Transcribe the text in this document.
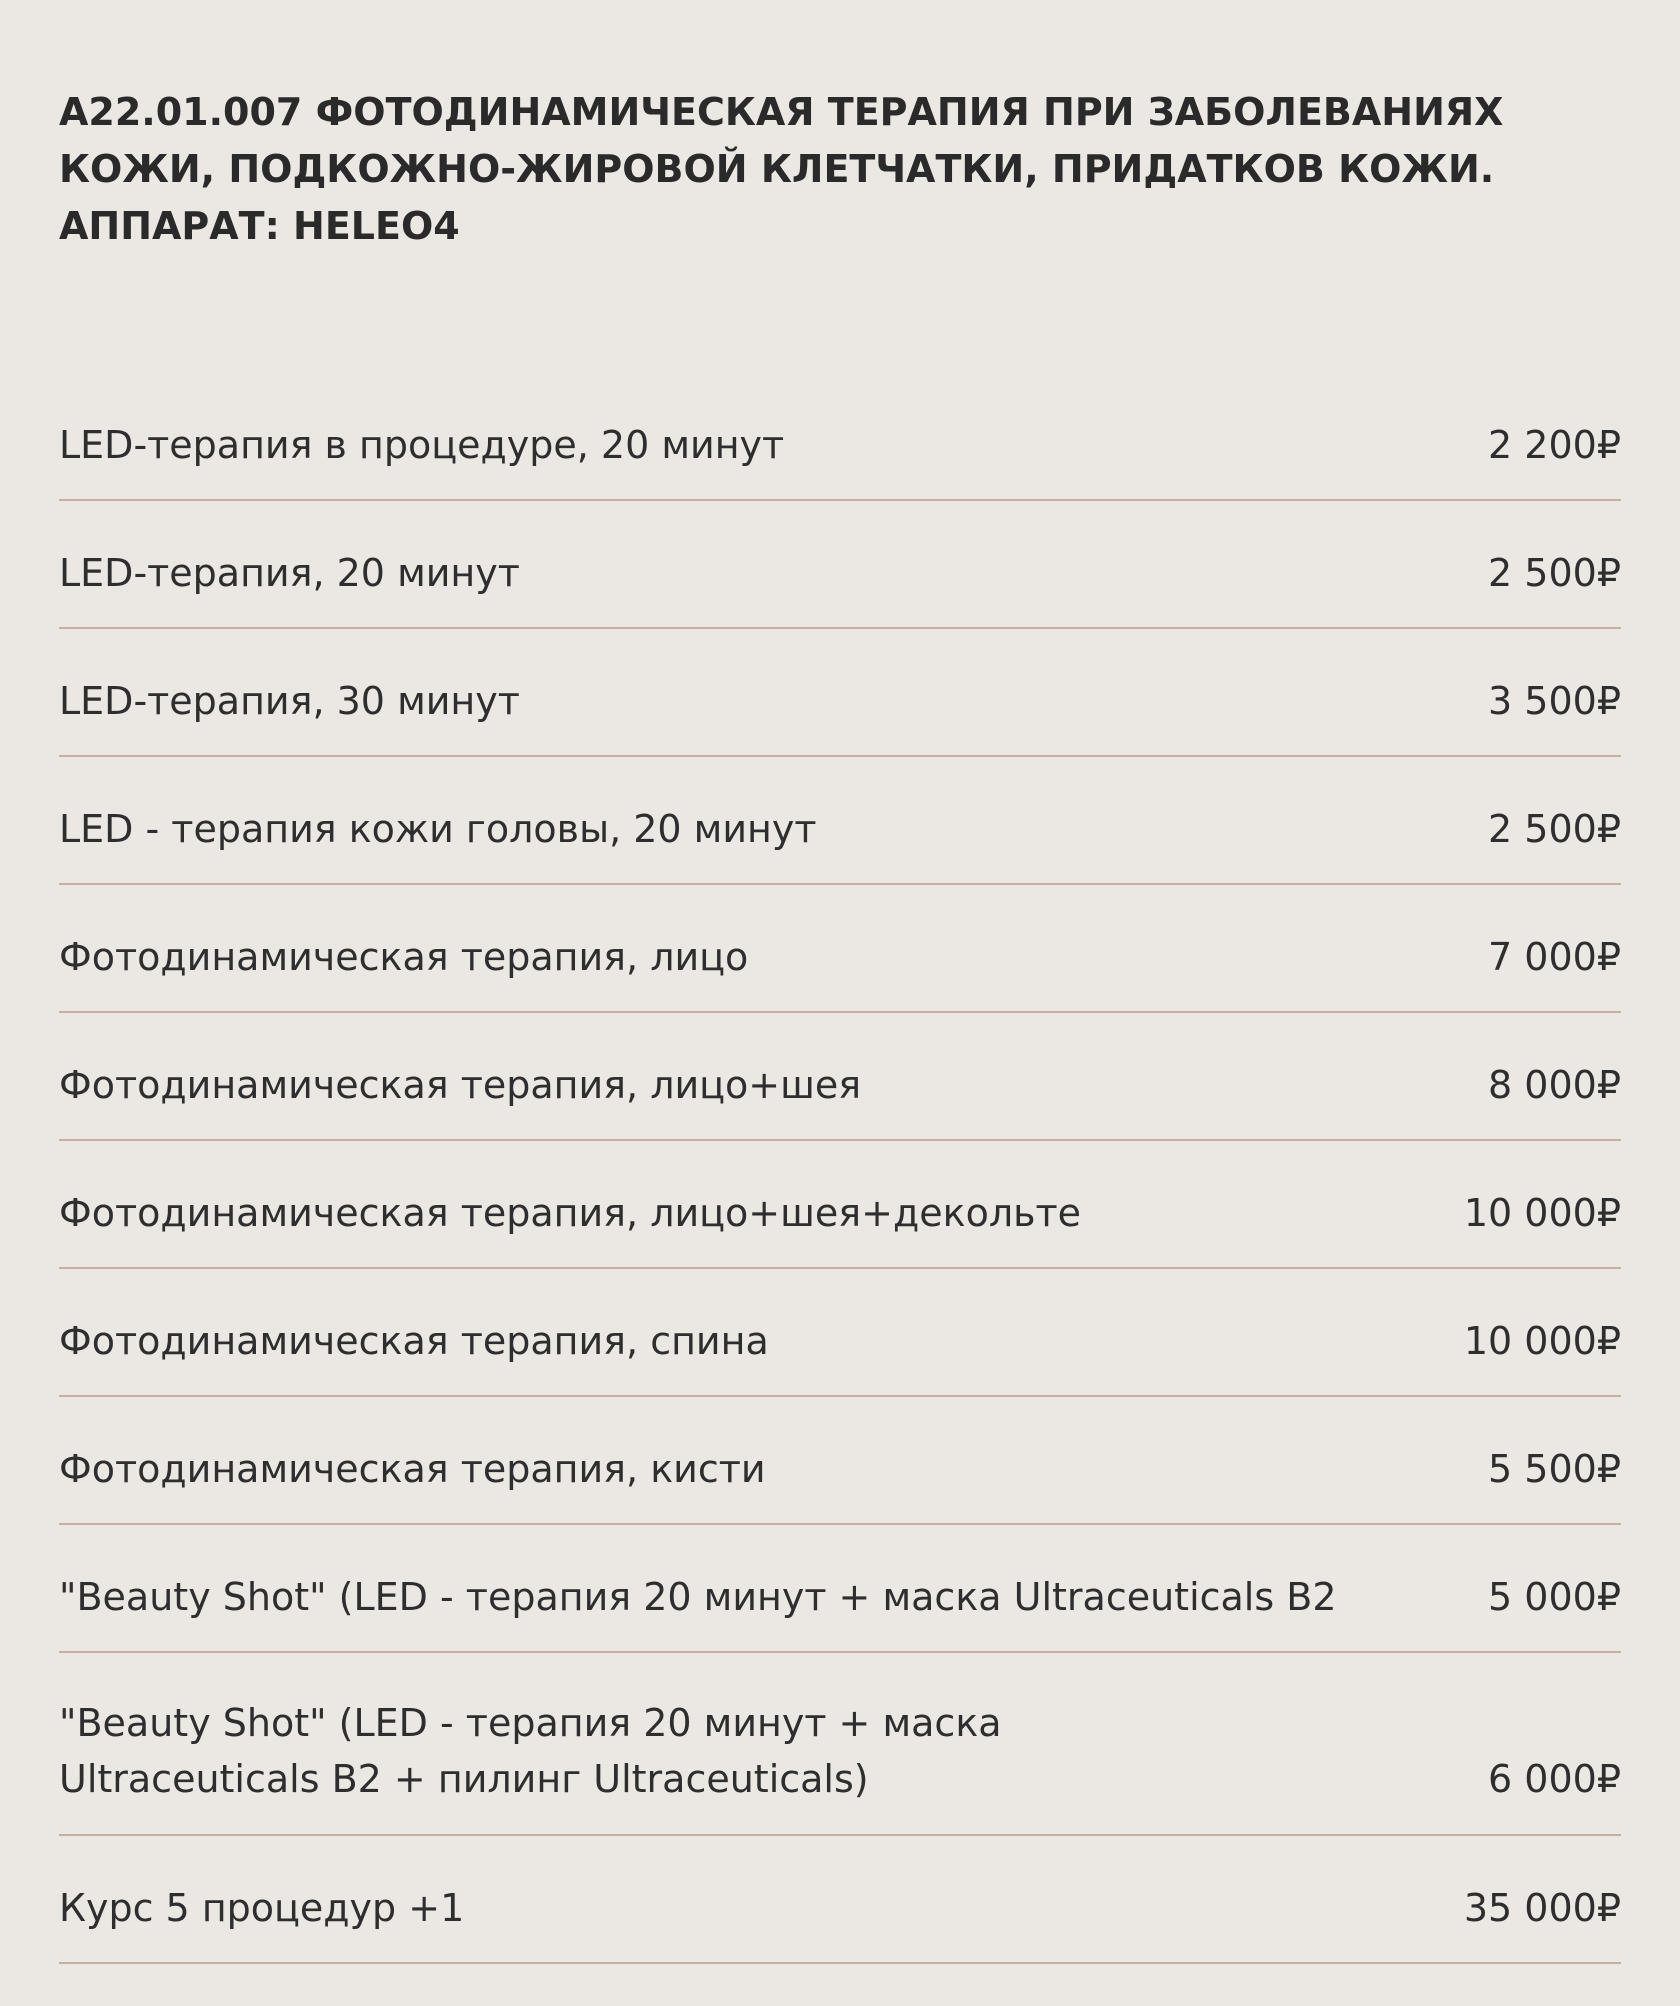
A22.01.007 ФОТОДИНАМИЧЕСКАЯ ТЕРАПИЯ ПРИ ЗАБОЛЕВАНИЯХ
КОЖИ, ПОДКОЖНО-ЖИРОВОЙ КЛЕТЧАТКИ, ПРИДАТКОВ КОЖИ.
АППАРАТ: HELEO4
LED-терапия в процедуре, 20 минут	2 200₽
LED-терапия, 20 минут	2 500₽
LED-терапия, 30 минут	3 500₽
LED - терапия кожи головы, 20 минут	2 500₽
Фотодинамическая терапия, лицо	7 000₽
Фотодинамическая терапия, лицо+шея	8 000₽
Фотодинамическая терапия, лицо+шея+декольте	10 000₽
Фотодинамическая терапия, спина	10 000₽
Фотодинамическая терапия, кисти	5 500₽
"Beauty Shot" (LED - терапия 20 минут + маска Ultraceuticals B2	5 000₽
"Beauty Shot" (LED - терапия 20 минут + маска
Ultraceuticals B2 + пилинг Ultraceuticals)	6 000₽
Курс 5 процедур +1	35 000₽
